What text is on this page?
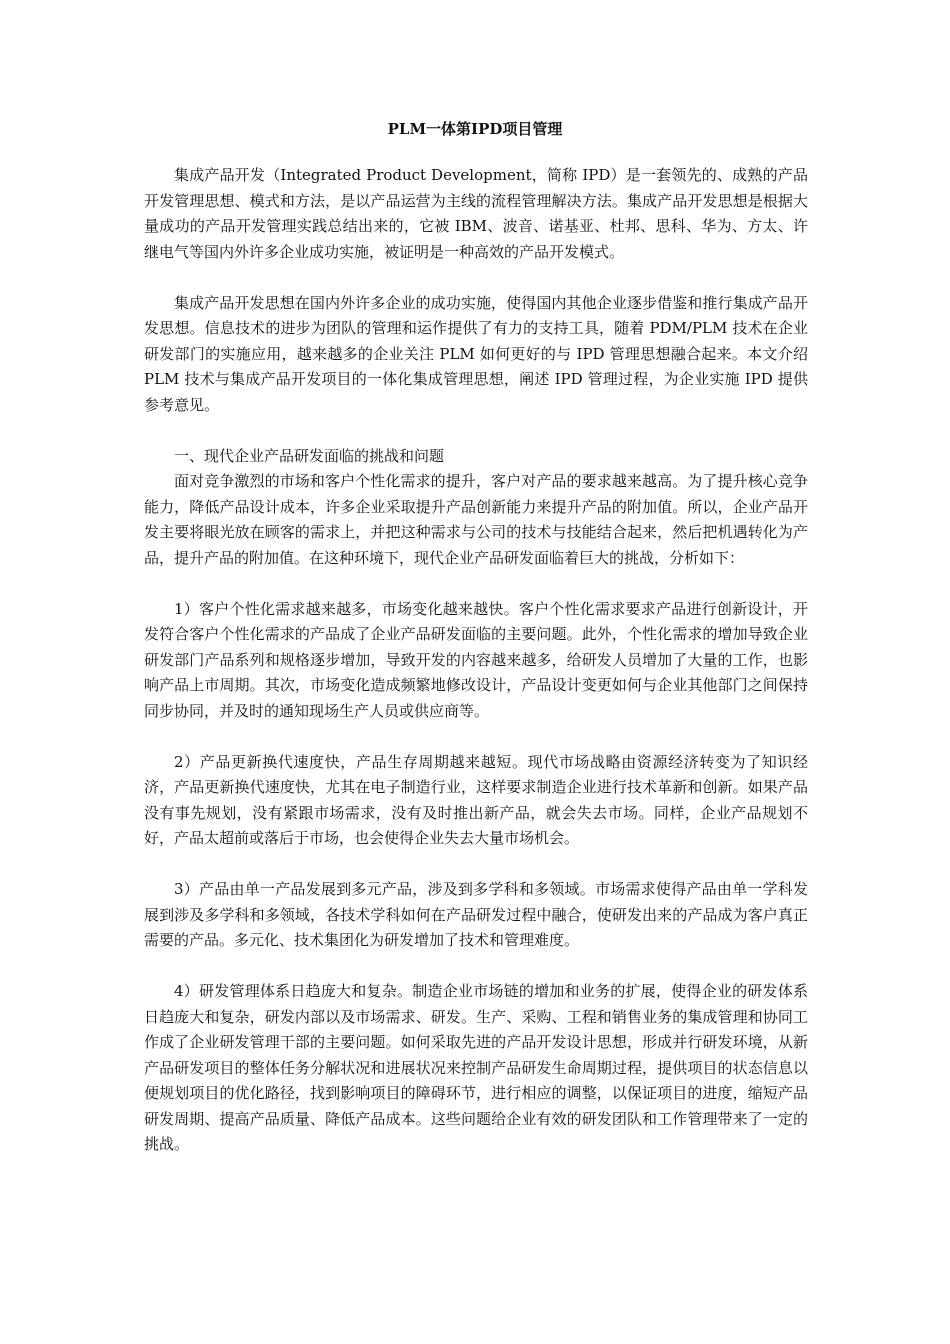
PLM一体第IPD项目管理

集成产品开发（Integrated Product Development，简称 IPD）是一套领先的、成熟的产品开发管理思想、模式和方法，是以产品运营为主线的流程管理解决方法。集成产品开发思想是根据大量成功的产品开发管理实践总结出来的，它被 IBM、波音、诺基亚、杜邦、思科、华为、方太、许继电气等国内外许多企业成功实施，被证明是一种高效的产品开发模式。

集成产品开发思想在国内外许多企业的成功实施，使得国内其他企业逐步借鉴和推行集成产品开发思想。信息技术的进步为团队的管理和运作提供了有力的支持工具，随着 PDM/PLM 技术在企业研发部门的实施应用，越来越多的企业关注 PLM 如何更好的与 IPD 管理思想融合起来。本文介绍 PLM 技术与集成产品开发项目的一体化集成管理思想，阐述 IPD 管理过程，为企业实施 IPD 提供参考意见。

一、现代企业产品研发面临的挑战和问题

面对竞争激烈的市场和客户个性化需求的提升，客户对产品的要求越来越高。为了提升核心竞争能力，降低产品设计成本，许多企业采取提升产品创新能力来提升产品的附加值。所以，企业产品开发主要将眼光放在顾客的需求上，并把这种需求与公司的技术与技能结合起来，然后把机遇转化为产品，提升产品的附加值。在这种环境下，现代企业产品研发面临着巨大的挑战，分析如下：

1）客户个性化需求越来越多，市场变化越来越快。客户个性化需求要求产品进行创新设计，开发符合客户个性化需求的产品成了企业产品研发面临的主要问题。此外，个性化需求的增加导致企业研发部门产品系列和规格逐步增加，导致开发的内容越来越多，给研发人员增加了大量的工作，也影响产品上市周期。其次，市场变化造成频繁地修改设计，产品设计变更如何与企业其他部门之间保持同步协同，并及时的通知现场生产人员或供应商等。

2）产品更新换代速度快，产品生存周期越来越短。现代市场战略由资源经济转变为了知识经济，产品更新换代速度快，尤其在电子制造行业，这样要求制造企业进行技术革新和创新。如果产品没有事先规划，没有紧跟市场需求，没有及时推出新产品，就会失去市场。同样，企业产品规划不好，产品太超前或落后于市场，也会使得企业失去大量市场机会。

3）产品由单一产品发展到多元产品，涉及到多学科和多领域。市场需求使得产品由单一学科发展到涉及多学科和多领域，各技术学科如何在产品研发过程中融合，使研发出来的产品成为客户真正需要的产品。多元化、技术集团化为研发增加了技术和管理难度。

4）研发管理体系日趋庞大和复杂。制造企业市场链的增加和业务的扩展，使得企业的研发体系日趋庞大和复杂，研发内部以及市场需求、研发。生产、采购、工程和销售业务的集成管理和协同工作成了企业研发管理干部的主要问题。如何采取先进的产品开发设计思想，形成并行研发环境，从新产品研发项目的整体任务分解状况和进展状况来控制产品研发生命周期过程，提供项目的状态信息以便规划项目的优化路径，找到影响项目的障碍环节，进行相应的调整，以保证项目的进度，缩短产品研发周期、提高产品质量、降低产品成本。这些问题给企业有效的研发团队和工作管理带来了一定的挑战。
